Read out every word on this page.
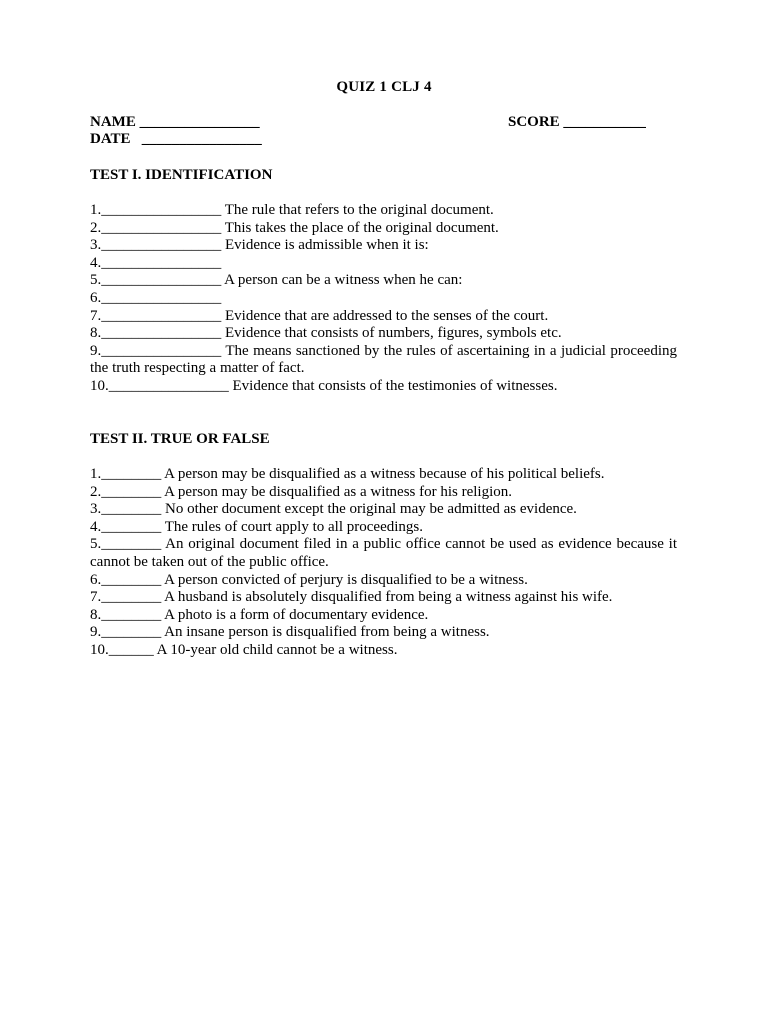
QUIZ 1 CLJ 4
NAME ________________	SCORE ___________
DATE   ________________
TEST I. IDENTIFICATION
1.________________ The rule that refers to the original document.
2.________________ This takes the place of the original document.
3.________________ Evidence is admissible when it is:
4.________________
5.________________ A person can be a witness when he can:
6.________________
7.________________ Evidence that are addressed to the senses of the court.
8.________________ Evidence that consists of numbers, figures, symbols etc.
9.________________ The means sanctioned by the rules of ascertaining in a judicial proceeding the truth respecting a matter of fact.
10.________________ Evidence that consists of the testimonies of witnesses.
TEST II. TRUE OR FALSE
1.________ A person may be disqualified as a witness because of his political beliefs.
2.________ A person may be disqualified as a witness for his religion.
3.________ No other document except the original may be admitted as evidence.
4.________ The rules of court apply to all proceedings.
5.________ An original document filed in a public office cannot be used as evidence because it cannot be taken out of the public office.
6.________ A person convicted of perjury is disqualified to be a witness.
7.________ A husband is absolutely disqualified from being a witness against his wife.
8.________ A photo is a form of documentary evidence.
9.________ An insane person is disqualified from being a witness.
10.______ A 10-year old child cannot be a witness.
